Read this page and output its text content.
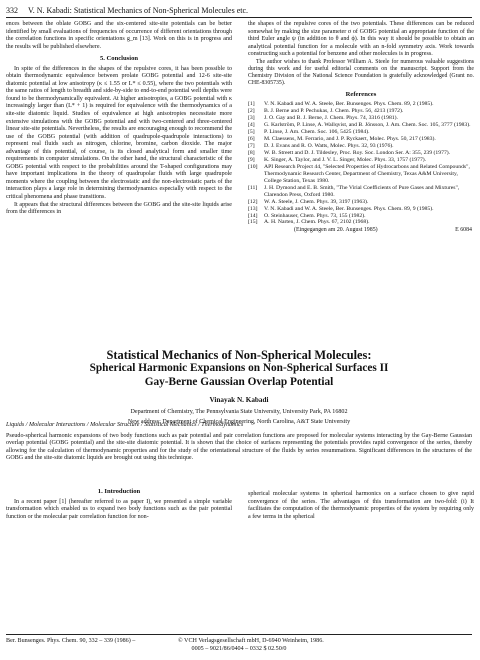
332 V. N. Kabadi: Statistical Mechanics of Non-Spherical Molecules etc.

ences between the oblate GOBG and the six-centered site-site potentials can be better identified by small evaluations of frequencies of occurrence of different orientations through the correlation functions in specific orientations g_m [13]. Work on this is in progress and the results will be published elsewhere.

5. Conclusion

In spite of the differences in the shapes of the repulsive cores, it has been possible to obtain thermodynamic equivalence between prolate GOBG potential and 12-6 site-site diatomic potential at low anisotropy (κ ≤ 1.55 or L* ≤ 0.55), where the two potentials with the same ratios of length to breadth and side-by-side to end-to-end potential well depths were found to be thermodynamically equivalent. At higher anisotropies, a GOBG potential with κ increasingly larger than (L* + 1) is required for equivalence with the thermodynamics of a site-site diatomic liquid. Studies of equivalence at high anisotropies necessitate more extensive simulations with the GOBG potential and with two-centered and three-centered linear site-site potentials. Nevertheless, the results are encouraging enough to recommend the use of the GOBG potential (with addition of quadrupole-quadrupole interactions) to represent real fluids such as nitrogen, chlorine, bromine, carbon dioxide. The major advantage of this potential, of course, is its closed analytical form and smaller time requirements in computer simulations. On the other hand, the structural characteristic of the GOBG potential with respect to the probabilities around the T-shaped configurations may have important implications in the theory of quadrupolar fluids with large quadrupole moments where the coupling between the electrostatic and the non-electrostatic parts of the interaction plays a large role in determining thermodynamics especially with respect to the critical phenomena and phase transitions.

It appears that the structural differences between the GOBG and the site-site liquids arise from the differences in

the shapes of the repulsive cores of the two potentials. These differences can be reduced somewhat by making the size parameter σ of GOBG potential an appropriate function of the third Euler angle ψ (in addition to θ and ϕ). In this way it should be possible to obtain an analytical potential function for a molecule with an n-fold symmetry axis. Work towards constructing such a potential for benzene and other molecules is in progress.

The author wishes to thank Professor William A. Steele for numerous valuable suggestions during this work and for useful editorial comments on the manuscript. Support from the Chemistry Division of the National Science Foundation is gratefully acknowledged (Grant no. CHE-8305735).

References
[1] V. N. Kabadi and W. A. Steele, Ber. Bunsenges. Phys. Chem. 89, 2 (1985).
[2] B. J. Berne and P. Pechukas, J. Chem. Phys. 56, 4213 (1972).
[3] J. O. Gay and B. J. Berne, J. Chem. Phys. 74, 3316 (1981).
[4] G. Karlström, P. Linse, A. Wallqvist, and B. Jönsson, J. Am. Chem. Soc. 105, 3777 (1983).
[5] P. Linse, J. Am. Chem. Soc. 106, 5425 (1984).
[6] M. Claessens, M. Ferrario, and J. P. Ryckaert, Molec. Phys. 50, 217 (1983).
[7] D. J. Evans and R. O. Watts, Molec. Phys. 32, 93 (1976).
[8] W. B. Streett and D. J. Tildesley, Proc. Roy. Soc. London Ser. A: 355, 239 (1977).
[9] K. Singer, A. Taylor, and J. V. L. Singer, Molec. Phys. 33, 1757 (1977).
[10] API Research Project 44, "Selected Properties of Hydrocarbons and Related Compounds", Thermodynamic Research Center, Department of Chemistry, Texas A&M University, College Station, Texas 1980.
[11] J. H. Dymond and E. B. Smith, "The Virial Coefficients of Pure Gases and Mixtures", Clarendon Press, Oxford 1980.
[12] W. A. Steele, J. Chem. Phys. 39, 3197 (1963).
[13] V. N. Kabadi and W. A. Steele, Ber. Bunsenges. Phys. Chem. 89, 9 (1985).
[14] O. Steinhauser, Chem. Phys. 73, 155 (1982).
[15] A. H. Narten, J. Chem. Phys. 67, 2102 (1968).
(Eingegangen am 20. August 1985)	E 6084
Statistical Mechanics of Non-Spherical Molecules:
Spherical Harmonic Expansions on Non-Spherical Surfaces II
Gay-Berne Gaussian Overlap Potential
Vinayak N. Kabadi
Department of Chemistry, The Pennsylvania State University, University Park, PA 16802
New address: Department of Chemical Engineering, North Carolina, A&T State University
Liquids / Molecular Interactions / Molecular Structure / Statistical Mechanics / Thermodynamics
Pseudo-spherical harmonic expansions of two body functions such as pair potential and pair correlation functions are proposed for molecular systems interacting by the Gay-Berne Gaussian overlap potential (GOBG potential) and the site-site diatomic potential. It is shown that the choice of surfaces representing the potentials provides rapid convergence of the series, thereby allowing for the calculation of thermodynamic properties and for the study of the orientational structure of the fluids by series resummations. Significant differences in the structures of the GOBG and the site-site diatomic liquids are brought out using this technique.
1. Introduction

In a recent paper [1] (hereafter referred to as paper I), we presented a simple variable transformation which enabled us to expand two body functions such as the pair potential function or the molecular pair correlation function for non-

spherical molecular systems in spherical harmonics on a surface chosen to give rapid convergence of the series. The advantages of this transformation are two-fold: (i) It facilitates the computation of the thermodynamic properties of the system by requiring only a few terms in the spherical

Ber. Bunsenges. Phys. Chem. 90, 332 – 339 (1986) –	© VCH Verlagsgesellschaft mbH, D-6940 Weinheim, 1986.
0005 – 9021/86/0404 – 0332 $ 02.50/0
